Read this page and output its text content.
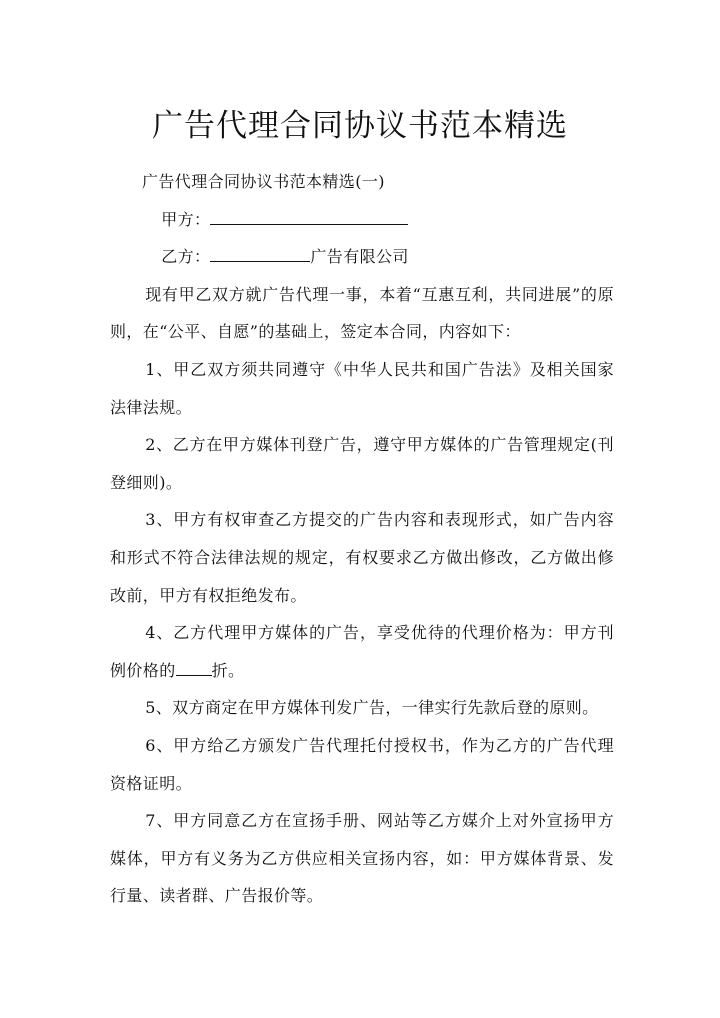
广告代理合同协议书范本精选

广告代理合同协议书范本精选(一)

甲方：

乙方：	广告有限公司

现有甲乙双方就广告代理一事，本着“互惠互利，共同进展”的原则，在“公平、自愿”的基础上，签定本合同，内容如下：

1、甲乙双方须共同遵守《中华人民共和国广告法》及相关国家法律法规。

2、乙方在甲方媒体刊登广告，遵守甲方媒体的广告管理规定(刊登细则)。

3、甲方有权审查乙方提交的广告内容和表现形式，如广告内容和形式不符合法律法规的规定，有权要求乙方做出修改，乙方做出修改前，甲方有权拒绝发布。

4、乙方代理甲方媒体的广告，享受优待的代理价格为：甲方刊例价格的 折。

5、双方商定在甲方媒体刊发广告，一律实行先款后登的原则。

6、甲方给乙方颁发广告代理托付授权书，作为乙方的广告代理资格证明。

7、甲方同意乙方在宣扬手册、网站等乙方媒介上对外宣扬甲方媒体，甲方有义务为乙方供应相关宣扬内容，如：甲方媒体背景、发行量、读者群、广告报价等。
